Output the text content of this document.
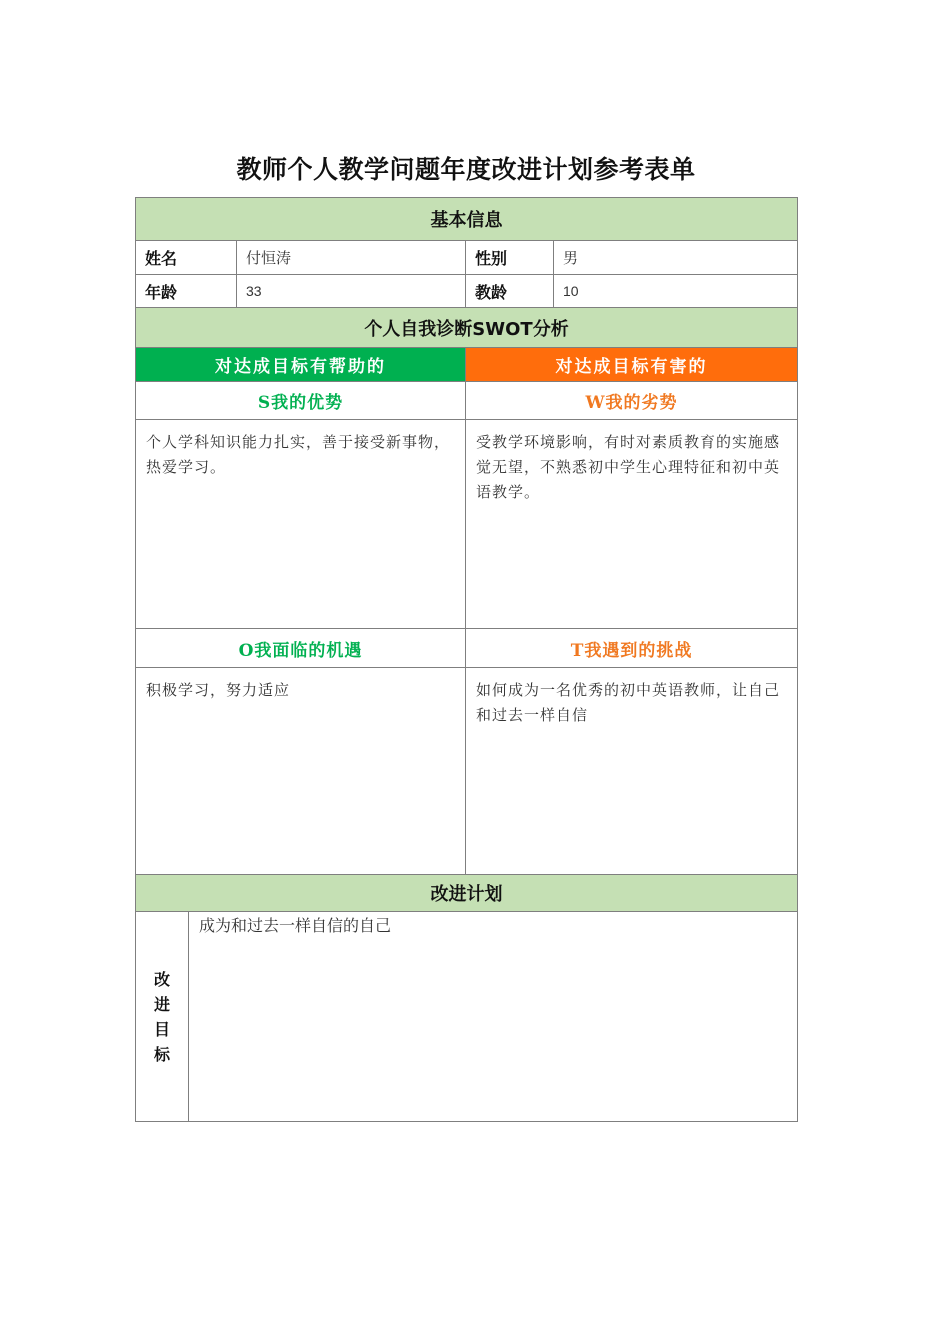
教师个人教学问题年度改进计划参考表单
基本信息				
姓名		付恒涛	性别	男
年龄		33	教龄	10
个人自我诊断SWOT分析				
对达成目标有帮助的			对达成目标有害的	
S我的优势			W我的劣势	
个人学科知识能力扎实，善于接受新事物，热爱学习。			受教学环境影响，有时对素质教育的实施感觉无望，不熟悉初中学生心理特征和初中英语教学。	
O我面临的机遇			T我遇到的挑战	
积极学习，努力适应			如何成为一名优秀的初中英语教师，让自己和过去一样自信	
改进计划				

改
进
目
标	成为和过去一样自信的自己			
